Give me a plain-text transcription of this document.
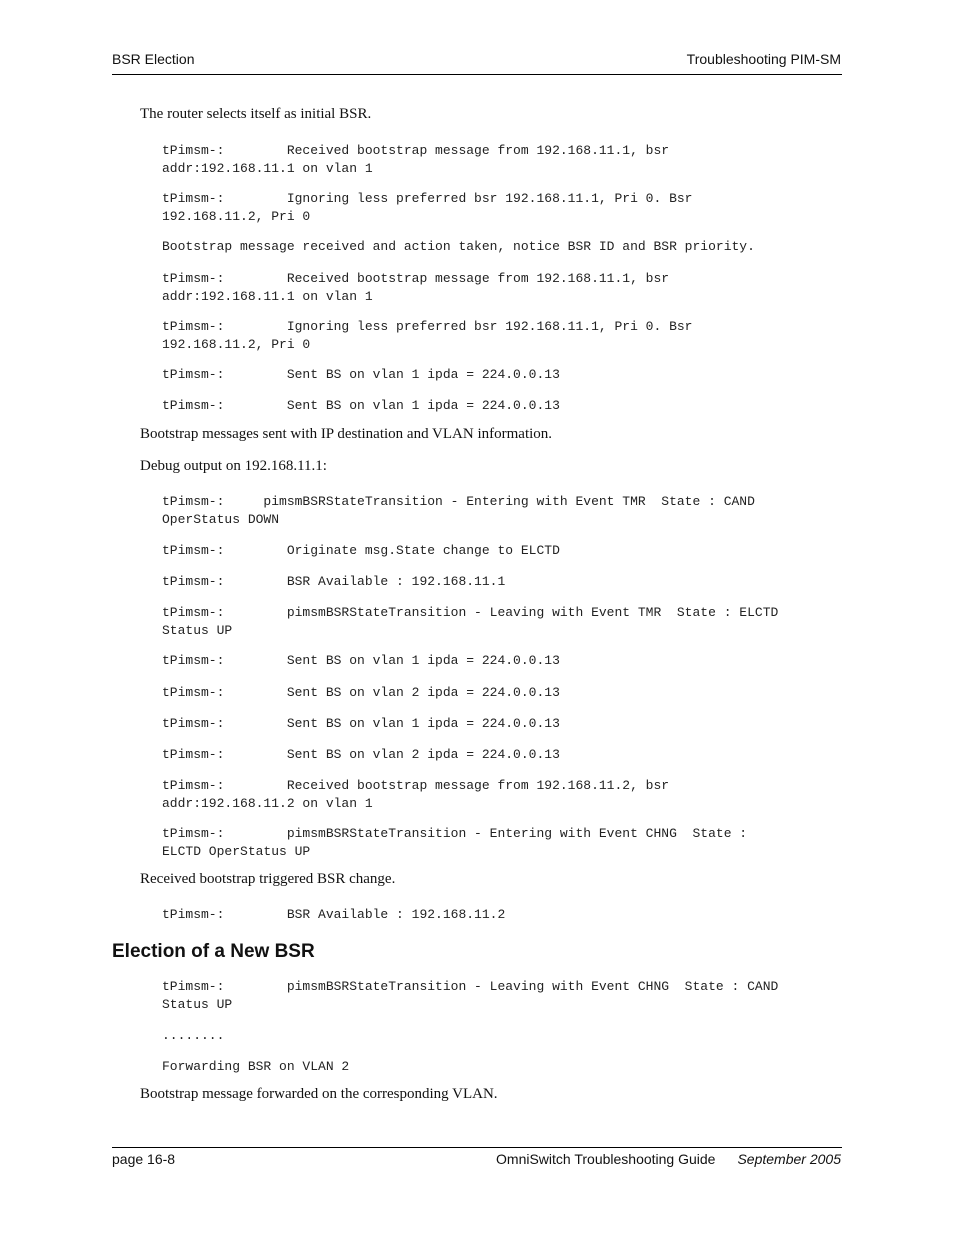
BSR Election	Troubleshooting PIM-SM

The router selects itself as initial BSR.

tPimsm-:        Received bootstrap message from 192.168.11.1, bsr
addr:192.168.11.1 on vlan 1
tPimsm-:        Ignoring less preferred bsr 192.168.11.1, Pri 0. Bsr
192.168.11.2, Pri 0
Bootstrap message received and action taken, notice BSR ID and BSR priority.
tPimsm-:        Received bootstrap message from 192.168.11.1, bsr
addr:192.168.11.1 on vlan 1
tPimsm-:        Ignoring less preferred bsr 192.168.11.1, Pri 0. Bsr
192.168.11.2, Pri 0
tPimsm-:        Sent BS on vlan 1 ipda = 224.0.0.13
tPimsm-:        Sent BS on vlan 1 ipda = 224.0.0.13

Bootstrap messages sent with IP destination and VLAN information.

Debug output on 192.168.11.1:

tPimsm-:     pimsmBSRStateTransition - Entering with Event TMR  State : CAND
OperStatus DOWN
tPimsm-:        Originate msg.State change to ELCTD
tPimsm-:        BSR Available : 192.168.11.1
tPimsm-:        pimsmBSRStateTransition - Leaving with Event TMR  State : ELCTD
Status UP
tPimsm-:        Sent BS on vlan 1 ipda = 224.0.0.13
tPimsm-:        Sent BS on vlan 2 ipda = 224.0.0.13
tPimsm-:        Sent BS on vlan 1 ipda = 224.0.0.13
tPimsm-:        Sent BS on vlan 2 ipda = 224.0.0.13
tPimsm-:        Received bootstrap message from 192.168.11.2, bsr
addr:192.168.11.2 on vlan 1
tPimsm-:        pimsmBSRStateTransition - Entering with Event CHNG  State :
ELCTD OperStatus UP

Received bootstrap triggered BSR change.

tPimsm-:        BSR Available : 192.168.11.2
Election of a New BSR
tPimsm-:        pimsmBSRStateTransition - Leaving with Event CHNG  State : CAND
Status UP
........
Forwarding BSR on VLAN 2

Bootstrap message forwarded on the corresponding VLAN.

page 16-8	OmniSwitch Troubleshooting Guide September 2005
